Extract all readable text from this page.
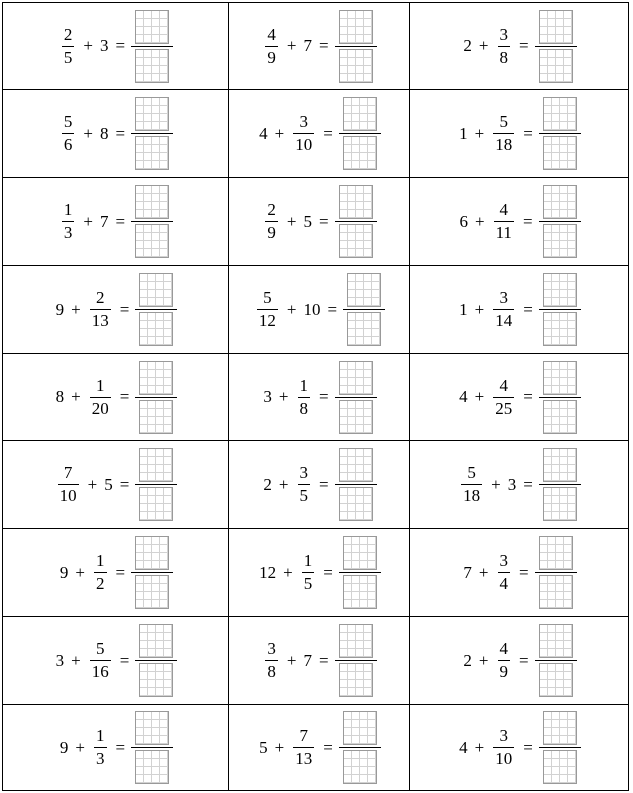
$\frac{2}{5} + 3$ =	$\frac{4}{9} + 7$ =	$2 + \frac{3}{8}$ =
$\frac{5}{6} + 8$ =	$4 + \frac{3}{10}$ =	$1 + \frac{5}{18}$ =
$\frac{1}{3} + 7$ =	$\frac{2}{9} + 5$ =	$6 + \frac{4}{11}$ =
$9 + \frac{2}{13}$ =	$\frac{5}{12} + 10$ =	$1 + \frac{3}{14}$ =
$8 + \frac{1}{20}$ =	$3 + \frac{1}{8}$ =	$4 + \frac{4}{25}$ =
$\frac{7}{10} + 5$ =	$2 + \frac{3}{5}$ =	$\frac{5}{18} + 3$ =
$9 + \frac{1}{2}$ =	$12 + \frac{1}{5}$ =	$7 + \frac{3}{4}$ =
$3 + \frac{5}{16}$ =	$\frac{3}{8} + 7$ =	$2 + \frac{4}{9}$ =
$9 + \frac{1}{3}$ =	$5 + \frac{7}{13}$ =	$4 + \frac{3}{10}$ =
